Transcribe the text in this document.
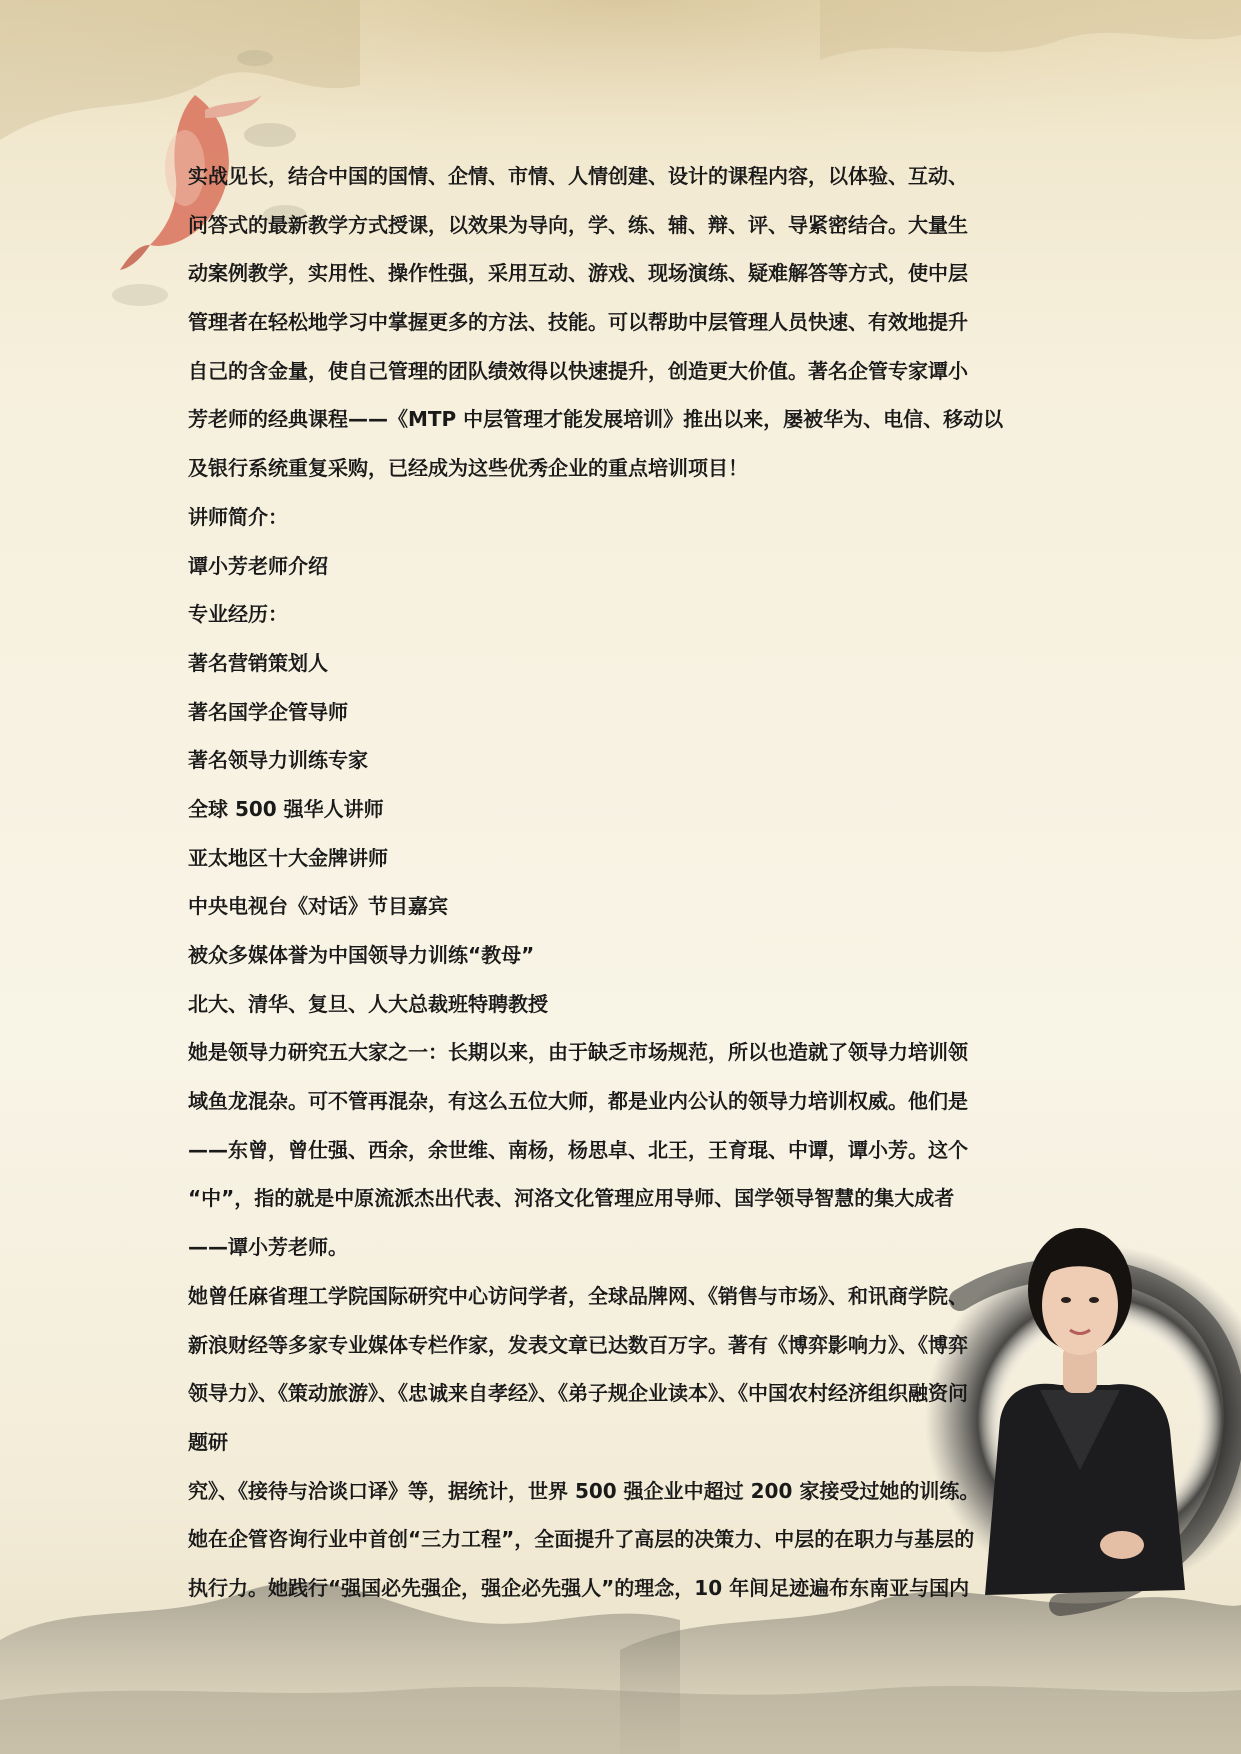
实战见长，结合中国的国情、企情、市情、人情创建、设计的课程内容，以体验、互动、
问答式的最新教学方式授课，以效果为导向，学、练、辅、辩、评、导紧密结合。大量生
动案例教学，实用性、操作性强，采用互动、游戏、现场演练、疑难解答等方式，使中层
管理者在轻松地学习中掌握更多的方法、技能。可以帮助中层管理人员快速、有效地提升
自己的含金量，使自己管理的团队绩效得以快速提升，创造更大价值。著名企管专家谭小
芳老师的经典课程——《MTP 中层管理才能发展培训》推出以来，屡被华为、电信、移动以
及银行系统重复采购，已经成为这些优秀企业的重点培训项目！
讲师简介：
谭小芳老师介绍
专业经历：
著名营销策划人
著名国学企管导师
著名领导力训练专家
全球 500 强华人讲师
亚太地区十大金牌讲师
中央电视台《对话》节目嘉宾
被众多媒体誉为中国领导力训练“教母”
北大、清华、复旦、人大总裁班特聘教授
她是领导力研究五大家之一：长期以来，由于缺乏市场规范，所以也造就了领导力培训领
域鱼龙混杂。可不管再混杂，有这么五位大师，都是业内公认的领导力培训权威。他们是
——东曾，曾仕强、西余，余世维、南杨，杨思卓、北王，王育琨、中谭，谭小芳。这个
“中”，指的就是中原流派杰出代表、河洛文化管理应用导师、国学领导智慧的集大成者
——谭小芳老师。
她曾任麻省理工学院国际研究中心访问学者，全球品牌网、《销售与市场》、和讯商学院、
新浪财经等多家专业媒体专栏作家，发表文章已达数百万字。著有《博弈影响力》、《博弈
领导力》、《策动旅游》、《忠诚来自孝经》、《弟子规企业读本》、《中国农村经济组织融资问
题研
究》、《接待与洽谈口译》等，据统计，世界 500 强企业中超过 200 家接受过她的训练。
她在企管咨询行业中首创“三力工程”，全面提升了高层的决策力、中层的在职力与基层的
执行力。她践行“强国必先强企，强企必先强人”的理念，10 年间足迹遍布东南亚与国内
